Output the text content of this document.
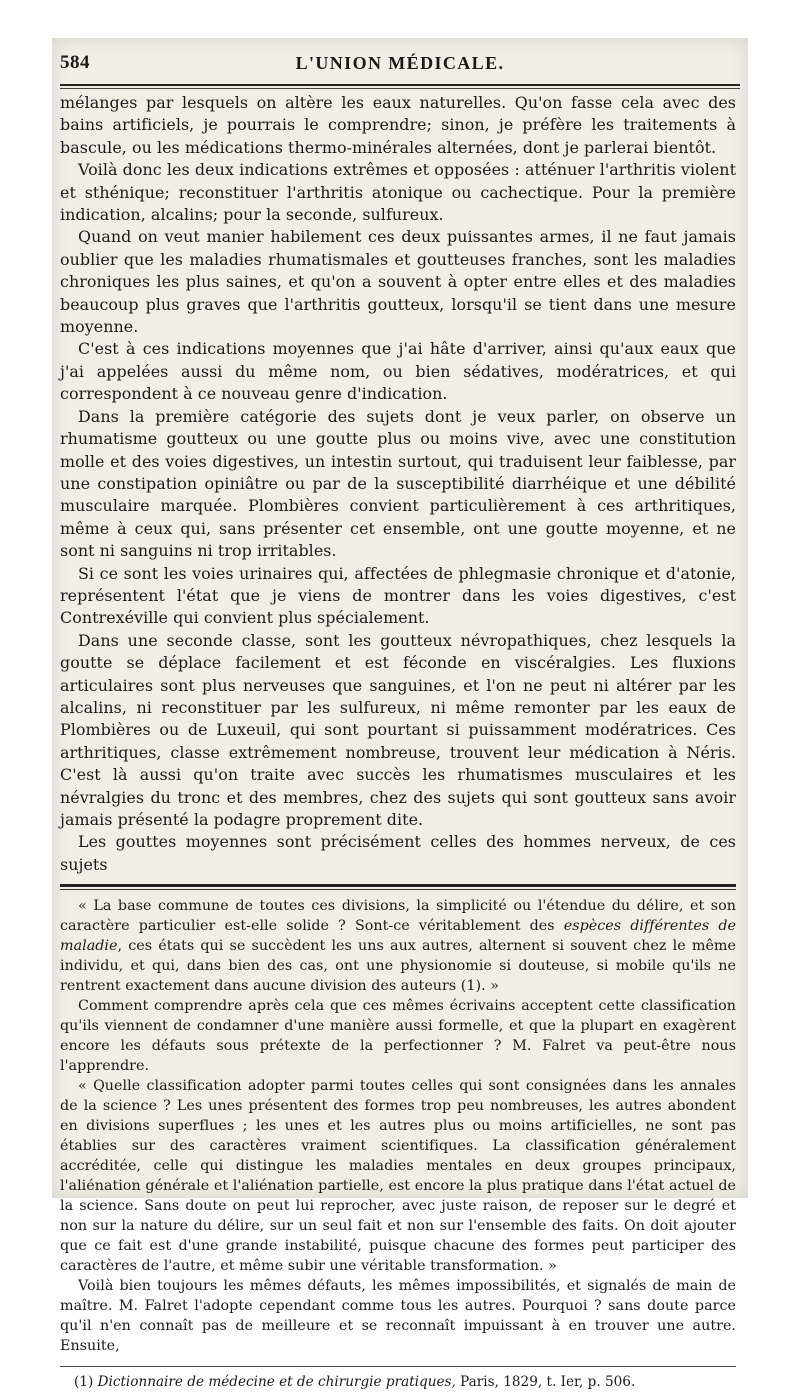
584	L'UNION MÉDICALE.

mélanges par lesquels on altère les eaux naturelles. Qu'on fasse cela avec des bains artificiels, je pourrais le comprendre; sinon, je préfère les traitements à bascule, ou les médications thermo-minérales alternées, dont je parlerai bientôt.

Voilà donc les deux indications extrêmes et opposées : atténuer l'arthritis violent et sthénique; reconstituer l'arthritis atonique ou cachectique. Pour la première indication, alcalins; pour la seconde, sulfureux.

Quand on veut manier habilement ces deux puissantes armes, il ne faut jamais oublier que les maladies rhumatismales et goutteuses franches, sont les maladies chroniques les plus saines, et qu'on a souvent à opter entre elles et des maladies beaucoup plus graves que l'arthritis goutteux, lorsqu'il se tient dans une mesure moyenne.

C'est à ces indications moyennes que j'ai hâte d'arriver, ainsi qu'aux eaux que j'ai appelées aussi du même nom, ou bien sédatives, modératrices, et qui correspondent à ce nouveau genre d'indication.

Dans la première catégorie des sujets dont je veux parler, on observe un rhumatisme goutteux ou une goutte plus ou moins vive, avec une constitution molle et des voies digestives, un intestin surtout, qui traduisent leur faiblesse, par une constipation opiniâtre ou par de la susceptibilité diarrhéique et une débilité musculaire marquée. Plombières convient particulièrement à ces arthritiques, même à ceux qui, sans présenter cet ensemble, ont une goutte moyenne, et ne sont ni sanguins ni trop irritables.

Si ce sont les voies urinaires qui, affectées de phlegmasie chronique et d'atonie, représentent l'état que je viens de montrer dans les voies digestives, c'est Contrexéville qui convient plus spécialement.

Dans une seconde classe, sont les goutteux névropathiques, chez lesquels la goutte se déplace facilement et est féconde en viscéralgies. Les fluxions articulaires sont plus nerveuses que sanguines, et l'on ne peut ni altérer par les alcalins, ni reconstituer par les sulfureux, ni même remonter par les eaux de Plombières ou de Luxeuil, qui sont pourtant si puissamment modératrices. Ces arthritiques, classe extrêmement nombreuse, trouvent leur médication à Néris. C'est là aussi qu'on traite avec succès les rhumatismes musculaires et les névralgies du tronc et des membres, chez des sujets qui sont goutteux sans avoir jamais présenté la podagre proprement dite.

Les gouttes moyennes sont précisément celles des hommes nerveux, de ces sujets

« La base commune de toutes ces divisions, la simplicité ou l'étendue du délire, et son caractère particulier est-elle solide ? Sont-ce véritablement des espèces différentes de maladie, ces états qui se succèdent les uns aux autres, alternent si souvent chez le même individu, et qui, dans bien des cas, ont une physionomie si douteuse, si mobile qu'ils ne rentrent exactement dans aucune division des auteurs (1). »

Comment comprendre après cela que ces mêmes écrivains acceptent cette classification qu'ils viennent de condamner d'une manière aussi formelle, et que la plupart en exagèrent encore les défauts sous prétexte de la perfectionner ? M. Falret va peut-être nous l'apprendre.

« Quelle classification adopter parmi toutes celles qui sont consignées dans les annales de la science ? Les unes présentent des formes trop peu nombreuses, les autres abondent en divisions superflues ; les unes et les autres plus ou moins artificielles, ne sont pas établies sur des caractères vraiment scientifiques. La classification généralement accréditée, celle qui distingue les maladies mentales en deux groupes principaux, l'aliénation générale et l'aliénation partielle, est encore la plus pratique dans l'état actuel de la science. Sans doute on peut lui reprocher, avec juste raison, de reposer sur le degré et non sur la nature du délire, sur un seul fait et non sur l'ensemble des faits. On doit ajouter que ce fait est d'une grande instabilité, puisque chacune des formes peut participer des caractères de l'autre, et même subir une véritable transformation. »

Voilà bien toujours les mêmes défauts, les mêmes impossibilités, et signalés de main de maître. M. Falret l'adopte cependant comme tous les autres. Pourquoi ? sans doute parce qu'il n'en connaît pas de meilleure et se reconnaît impuissant à en trouver une autre. Ensuite,

(1) Dictionnaire de médecine et de chirurgie pratiques, Paris, 1829, t. Ier, p. 506.
